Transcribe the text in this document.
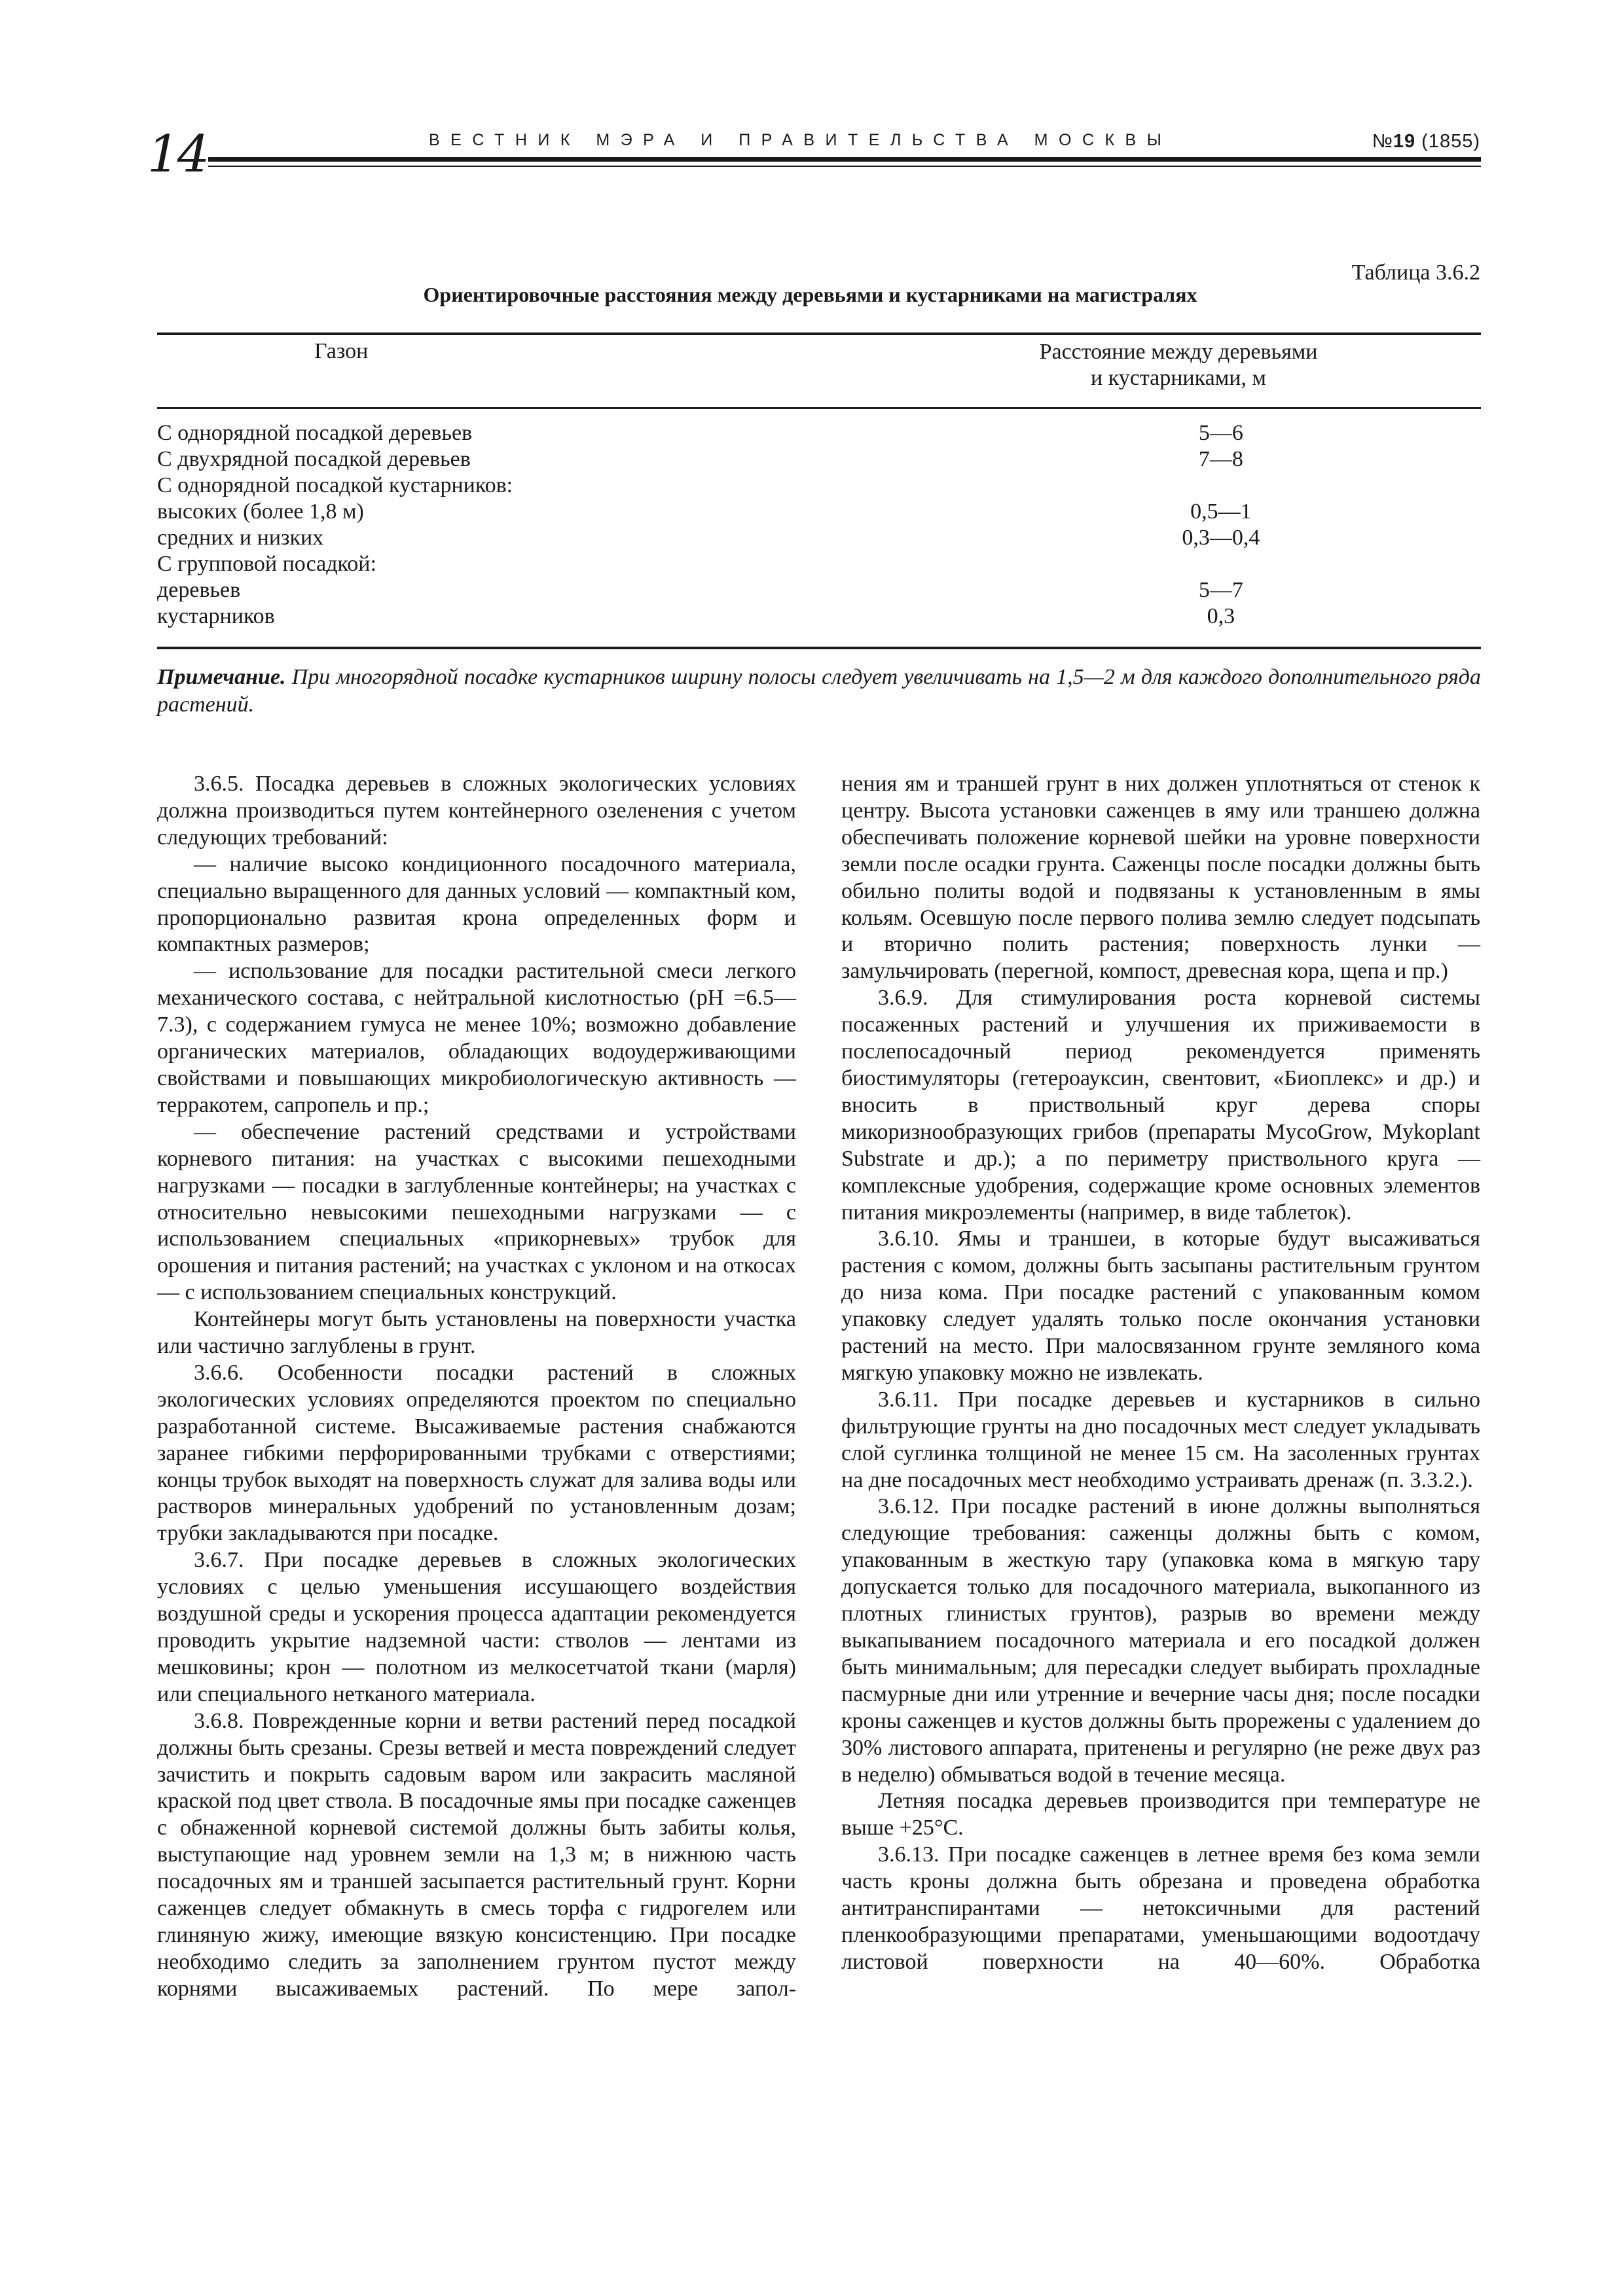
14	ВЕСТНИК МЭРА И ПРАВИТЕЛЬСТВА МОСКВЫ	№19 (1855)
Таблица 3.6.2
Ориентировочные расстояния между деревьями и кустарниками на магистралях
Газон	Расстояние между деревьями
и кустарниками, м
С однорядной посадкой деревьев	5—6
С двухрядной посадкой деревьев	7—8
С однорядной посадкой кустарников:
высоких (более 1,8 м)	0,5—1
средних и низких	0,3—0,4
С групповой посадкой:
деревьев	5—7
кустарников	0,3
Примечание. При многорядной посадке кустарников ширину полосы следует увеличивать на 1,5—2 м для каждого дополнительного ряда растений.

3.6.5. Посадка деревьев в сложных экологических условиях должна производиться путем контейнерного озеленения с учетом следующих требований:

— наличие высоко кондиционного посадочного материала, специально выращенного для данных условий — компактный ком, пропорционально развитая крона определенных форм и компактных размеров;

— использование для посадки растительной смеси легкого механического состава, с нейтральной кислотностью (pH =6.5—7.3), с содержанием гумуса не менее 10%; возможно добавление органических материалов, обладающих водоудерживающими свойствами и повышающих микробиологическую активность — терракотем, сапропель и пр.;

— обеспечение растений средствами и устройствами корневого питания: на участках с высокими пешеходными нагрузками — посадки в заглубленные контейнеры; на участках с относительно невысокими пешеходными нагрузками — с использованием специальных «прикорневых» трубок для орошения и питания растений; на участках с уклоном и на откосах — с использованием специальных конструкций.

Контейнеры могут быть установлены на поверхности участка или частично заглублены в грунт.

3.6.6. Особенности посадки растений в сложных экологических условиях определяются проектом по специально разработанной системе. Высаживаемые растения снабжаются заранее гибкими перфорированными трубками с отверстиями; концы трубок выходят на поверхность служат для залива воды или растворов минеральных удобрений по установленным дозам; трубки закладываются при посадке.

3.6.7. При посадке деревьев в сложных экологических условиях с целью уменьшения иссушающего воздействия воздушной среды и ускорения процесса адаптации рекомендуется проводить укрытие надземной части: стволов — лентами из мешковины; крон — полотном из мелкосетчатой ткани (марля) или специального нетканого материала.

3.6.8. Поврежденные корни и ветви растений перед посадкой должны быть срезаны. Срезы ветвей и места повреждений следует зачистить и покрыть садовым варом или закрасить масляной краской под цвет ствола. В посадочные ямы при посадке саженцев с обнаженной корневой системой должны быть забиты колья, выступающие над уровнем земли на 1,3 м; в нижнюю часть посадочных ям и траншей засыпается растительный грунт. Корни саженцев следует обмакнуть в смесь торфа с гидрогелем или глиняную жижу, имеющие вязкую консистенцию. При посадке необходимо следить за заполнением грунтом пустот между корнями высаживаемых растений. По мере запол-

нения ям и траншей грунт в них должен уплотняться от стенок к центру. Высота установки саженцев в яму или траншею должна обеспечивать положение корневой шейки на уровне поверхности земли после осадки грунта. Саженцы после посадки должны быть обильно политы водой и подвязаны к установленным в ямы кольям. Осевшую после первого полива землю следует подсыпать и вторично полить растения; поверхность лунки — замульчировать (перегной, компост, древесная кора, щепа и пр.)

3.6.9. Для стимулирования роста корневой системы посаженных растений и улучшения их приживаемости в послепосадочный период рекомендуется применять биостимуляторы (гетероауксин, свентовит, «Биоплекс» и др.) и вносить в приствольный круг дерева споры микоризнообразующих грибов (препараты MycoGrow, Mykoplant Substrate и др.); а по периметру приствольного круга — комплексные удобрения, содержащие кроме основных элементов питания микроэлементы (например, в виде таблеток).

3.6.10. Ямы и траншеи, в которые будут высаживаться растения с комом, должны быть засыпаны растительным грунтом до низа кома. При посадке растений с упакованным комом упаковку следует удалять только после окончания установки растений на место. При малосвязанном грунте земляного кома мягкую упаковку можно не извлекать.

3.6.11. При посадке деревьев и кустарников в сильно фильтрующие грунты на дно посадочных мест следует укладывать слой суглинка толщиной не менее 15 см. На засоленных грунтах на дне посадочных мест необходимо устраивать дренаж (п. 3.3.2.).

3.6.12. При посадке растений в июне должны выполняться следующие требования: саженцы должны быть с комом, упакованным в жесткую тару (упаковка кома в мягкую тару допускается только для посадочного материала, выкопанного из плотных глинистых грунтов), разрыв во времени между выкапыванием посадочного материала и его посадкой должен быть минимальным; для пересадки следует выбирать прохладные пасмурные дни или утренние и вечерние часы дня; после посадки кроны саженцев и кустов должны быть прорежены с удалением до 30% листового аппарата, притенены и регулярно (не реже двух раз в неделю) обмываться водой в течение месяца.

Летняя посадка деревьев производится при температуре не выше +25°С.

3.6.13. При посадке саженцев в летнее время без кома земли часть кроны должна быть обрезана и проведена обработка антитранспирантами — нетоксичными для растений пленкообразующими препаратами, уменьшающими водоотдачу листовой поверхности на 40—60%. Обработка
